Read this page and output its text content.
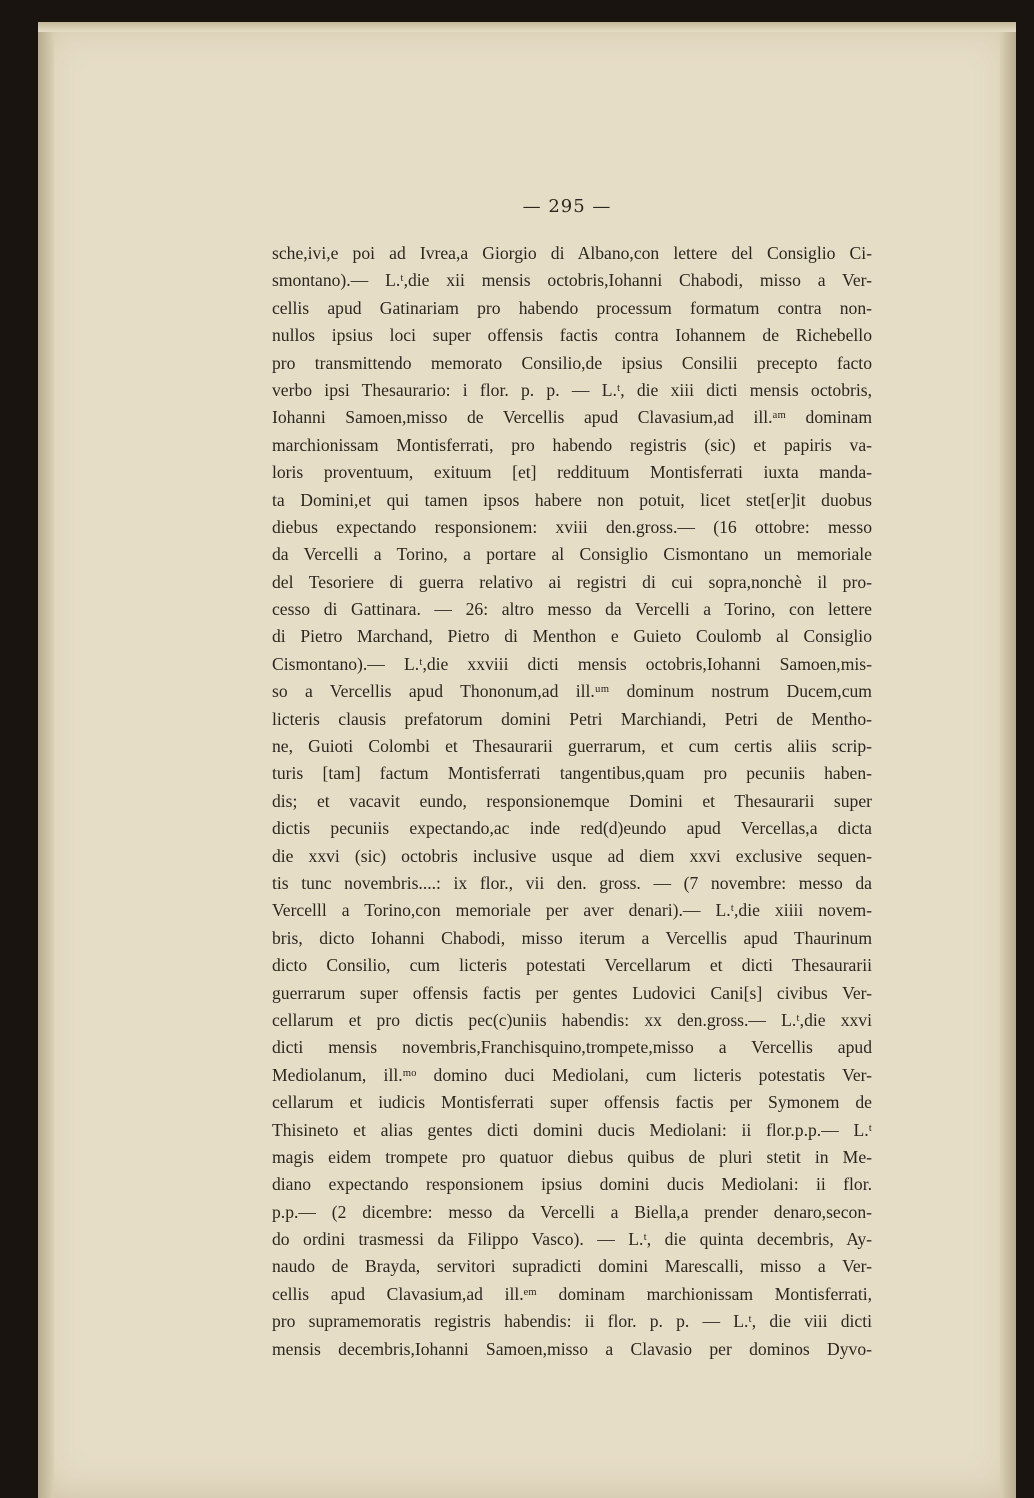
— 295 —
sche,ivi,e poi ad Ivrea,a Giorgio di Albano,con lettere del Consiglio Ci-
smontano).— L.ᵗ,die xii mensis octobris,Iohanni Chabodi, misso a Ver-
cellis apud Gatinariam pro habendo processum formatum contra non-
nullos ipsius loci super offensis factis contra Iohannem de Richebello
pro transmittendo memorato Consilio,de ipsius Consilii precepto facto
verbo ipsi Thesaurario: i flor. p. p. — L.ᵗ, die xiii dicti mensis octobris,
Iohanni Samoen,misso de Vercellis apud Clavasium,ad ill.ᵃᵐ dominam
marchionissam Montisferrati, pro habendo registris (sic) et papiris va-
loris proventuum, exituum [et] reddituum Montisferrati iuxta manda-
ta Domini,et qui tamen ipsos habere non potuit, licet stet[er]it duobus
diebus expectando responsionem: xviii den.gross.— (16 ottobre: messo
da Vercelli a Torino, a portare al Consiglio Cismontano un memoriale
del Tesoriere di guerra relativo ai registri di cui sopra,nonchè il pro-
cesso di Gattinara. — 26: altro messo da Vercelli a Torino, con lettere
di Pietro Marchand, Pietro di Menthon e Guieto Coulomb al Consiglio
Cismontano).— L.ᵗ,die xxviii dicti mensis octobris,Iohanni Samoen,mis-
so a Vercellis apud Thononum,ad ill.ᵘᵐ dominum nostrum Ducem,cum
licteris clausis prefatorum domini Petri Marchiandi, Petri de Mentho-
ne, Guioti Colombi et Thesaurarii guerrarum, et cum certis aliis scrip-
turis [tam] factum Montisferrati tangentibus,quam pro pecuniis haben-
dis; et vacavit eundo, responsionemque Domini et Thesaurarii super
dictis pecuniis expectando,ac inde red(d)eundo apud Vercellas,a dicta
die xxvi (sic) octobris inclusive usque ad diem xxvi exclusive sequen-
tis tunc novembris....: ix flor., vii den. gross. — (7 novembre: messo da
Vercelll a Torino,con memoriale per aver denari).— L.ᵗ,die xiiii novem-
bris, dicto Iohanni Chabodi, misso iterum a Vercellis apud Thaurinum
dicto Consilio, cum licteris potestati Vercellarum et dicti Thesaurarii
guerrarum super offensis factis per gentes Ludovici Cani[s] civibus Ver-
cellarum et pro dictis pec(c)uniis habendis: xx den.gross.— L.ᵗ,die xxvi
dicti mensis novembris,Franchisquino,trompete,misso a Vercellis apud
Mediolanum, ill.ᵐᵒ domino duci Mediolani, cum licteris potestatis Ver-
cellarum et iudicis Montisferrati super offensis factis per Symonem de
Thisineto et alias gentes dicti domini ducis Mediolani: ii flor.p.p.— L.ᵗ
magis eidem trompete pro quatuor diebus quibus de pluri stetit in Me-
diano expectando responsionem ipsius domini ducis Mediolani: ii flor.
p.p.— (2 dicembre: messo da Vercelli a Biella,a prender denaro,secon-
do ordini trasmessi da Filippo Vasco). — L.ᵗ, die quinta decembris, Ay-
naudo de Brayda, servitori supradicti domini Marescalli, misso a Ver-
cellis apud Clavasium,ad ill.ᵉᵐ dominam marchionissam Montisferrati,
pro supramemoratis registris habendis: ii flor. p. p. — L.ᵗ, die viii dicti
mensis decembris,Iohanni Samoen,misso a Clavasio per dominos Dyvo-
